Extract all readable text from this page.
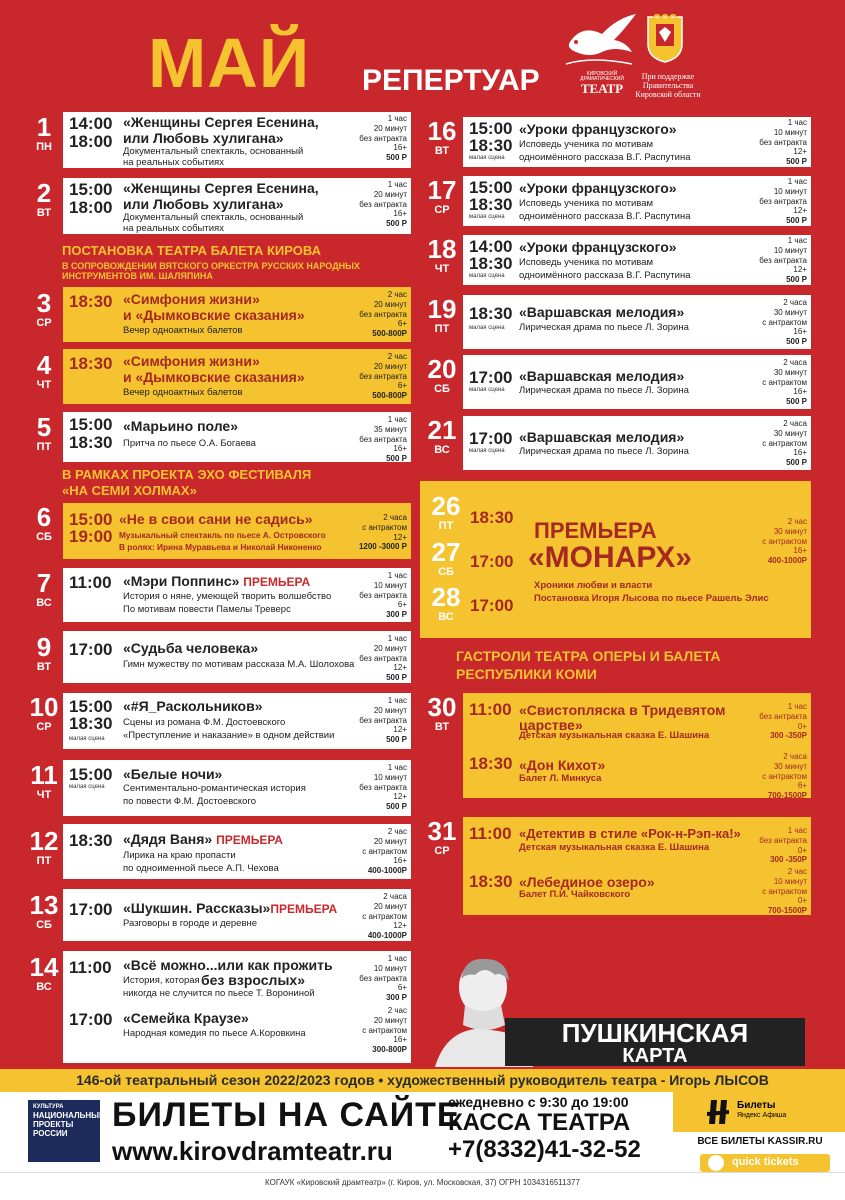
МАЙ РЕПЕРТУАР	КИРОВСКИЙ ДРАМАТИЧЕСКИЙ
ТЕАТР
При поддержке Правительства Кировской области
ПОСТАНОВКА ТЕАТРА БАЛЕТА КИРОВА
В СОПРОВОЖДЕНИИ ВЯТСКОГО ОРКЕСТРА РУССКИХ НАРОДНЫХ ИНСТРУМЕНТОВ ИМ. ШАЛЯПИНА
В РАМКАХ ПРОЕКТА ЭХО ФЕСТИВАЛЯ
«НА СЕМИ ХОЛМАХ»
ГАСТРОЛИ ТЕАТРА ОПЕРЫ И БАЛЕТА
РЕСПУБЛИКИ КОМИ
1
ПН
14:00
18:00
«Женщины Сергея Есенина,
или Любовь хулигана»
Документальный спектакль, основанный
на реальных событиях
1 час
20 минут
без антракта
16+
500 Р
2
ВТ
15:00
18:00
«Женщины Сергея Есенина,
или Любовь хулигана»
Документальный спектакль, основанный
на реальных событиях
1 час
20 минут
без антракта
16+
500 Р
3
СР
18:30 «Симфония жизни»
и «Дымковские сказания»
Вечер одноактных балетов
2 час
20 минут
без антракта
6+
500-800Р
4
ЧТ
18:30 «Симфония жизни»
и «Дымковские сказания»
Вечер одноактных балетов
2 час
20 минут
без антракта
6+
500-800Р
5
ПТ
15:00
18:30
«Марьино поле»
Притча по пьесе О.А. Богаева
1 час
35 минут
без антракта
16+
500 Р
6
СБ
15:00
19:00
«Не в свои сани не садись»
Музыкальный спектакль по пьесе А. Островского
В ролях: Ирина Муравьева и Николай Никоненко
2 часа
с антрактом
12+
1200 -3000 Р
7
ВС
11:00 «Мэри Поппинс» ПРЕМЬЕРА
История о няне, умеющей творить волшебство
По мотивам повести Памелы Треверс
1 час
10 минут
без антракта
6+
300 Р
9
ВТ
17:00 «Судьба человека»
Гимн мужеству по мотивам рассказа М.А. Шолохова
1 час
20 минут
без антракта
12+
500 Р
10
СР
15:00
18:30
малая сцена
«#Я_Раскольников»
Сцены из романа Ф.М. Достоевского
«Преступление и наказание» в одном действии
1 час
20 минут
без антракта
12+
500 Р
11
ЧТ
15:00
малая сцена
«Белые ночи»
Сентиментально-романтическая история
по повести Ф.М. Достоевского
1 час
10 минут
без антракта
12+
500 Р
12
ПТ
18:30 «Дядя Ваня» ПРЕМЬЕРА
Лирика на краю пропасти
по одноименной пьесе А.П. Чехова
2 час
20 минут
с антрактом
16+
400-1000Р
13
СБ
17:00 «Шукшин. Рассказы»ПРЕМЬЕРА
Разговоры в городе и деревне
2 часа
20 минут
с антрактом
12+
400-1000Р
14
ВС
11:00 «Всё можно...или как прожить
без взрослых»
История, которая
никогда не случится по пьесе Т. Ворониной
1 час
10 минут
без антракта
6+
300 Р
17:00 «Семейка Краузе»
Народная комедия по пьесе А.Коровкина
2 час
20 минут
с антрактом
16+
300-800Р
16
ВТ
15:00
18:30
малая сцена
«Уроки французского»
Исповедь ученика по мотивам
одноимённого рассказа В.Г. Распутина
1 час
10 минут
без антракта
12+
500 Р
17
СР
15:00
18:30
малая сцена
«Уроки французского»
Исповедь ученика по мотивам
одноимённого рассказа В.Г. Распутина
1 час
10 минут
без антракта
12+
500 Р
18
ЧТ
14:00
18:30
малая сцена
«Уроки французского»
Исповедь ученика по мотивам
одноимённого рассказа В.Г. Распутина
1 час
10 минут
без антракта
12+
500 Р
19
ПТ
18:30
малая сцена
«Варшавская мелодия»
Лирическая драма по пьесе Л. Зорина
2 часа
30 минут
с антрактом
16+
500 Р
20
СБ
17:00
малая сцена
«Варшавская мелодия»
Лирическая драма по пьесе Л. Зорина
2 часа
30 минут
с антрактом
16+
500 Р
21
ВС
17:00
малая сцена
«Варшавская мелодия»
Лирическая драма по пьесе Л. Зорина
2 часа
30 минут
с антрактом
16+
500 Р
26
ПТ
27
СБ
28
ВС
18:30
17:00
17:00
ПРЕМЬЕРА
«МОНАРХ»
Хроники любви и власти
Постановка Игоря Лысова по пьесе Рашель Элис
2 час
30 минут
с антрактом
16+
400-1000Р
30
ВТ
11:00 «Свистопляска в Тридевятом
царстве»
Детская музыкальная сказка Е. Шашина
1 час
без антракта
0+
300 -350Р
18:30 «Дон Кихот»
Балет Л. Минкуса
2 часа
30 минут
с антрактом
6+
700-1500Р
31
СР
11:00 «Детектив в стиле «Рок-н-Рэп-ка!»
Детская музыкальная сказка Е. Шашина
1 час
без антракта
0+
300 -350Р
18:30 «Лебединое озеро»
Балет П.И. Чайковского
2 час
10 минут
с антрактом
0+
700-1500Р
ПУШКИНСКАЯ
КАРТА
146-ой театральный сезон 2022/2023 годов • художественный руководитель театра - Игорь ЛЫСОВ
КУЛЬТУРА
НАЦИОНАЛЬНЫЕ
ПРОЕКТЫ
РОССИИ	БИЛЕТЫ НА САЙТЕ
www.kirovdramteatr.ru
ежедневно с 9:30 до 19:00
КАССА ТЕАТРА
+7(8332)41-32-52
Билеты
Яндекс Афиша
ВСЕ БИЛЕТЫ KASSIR.RU
quick tickets
КОГАУК «Кировский драмтеатр» (г. Киров, ул. Московская, 37) ОГРН 1034316511377
